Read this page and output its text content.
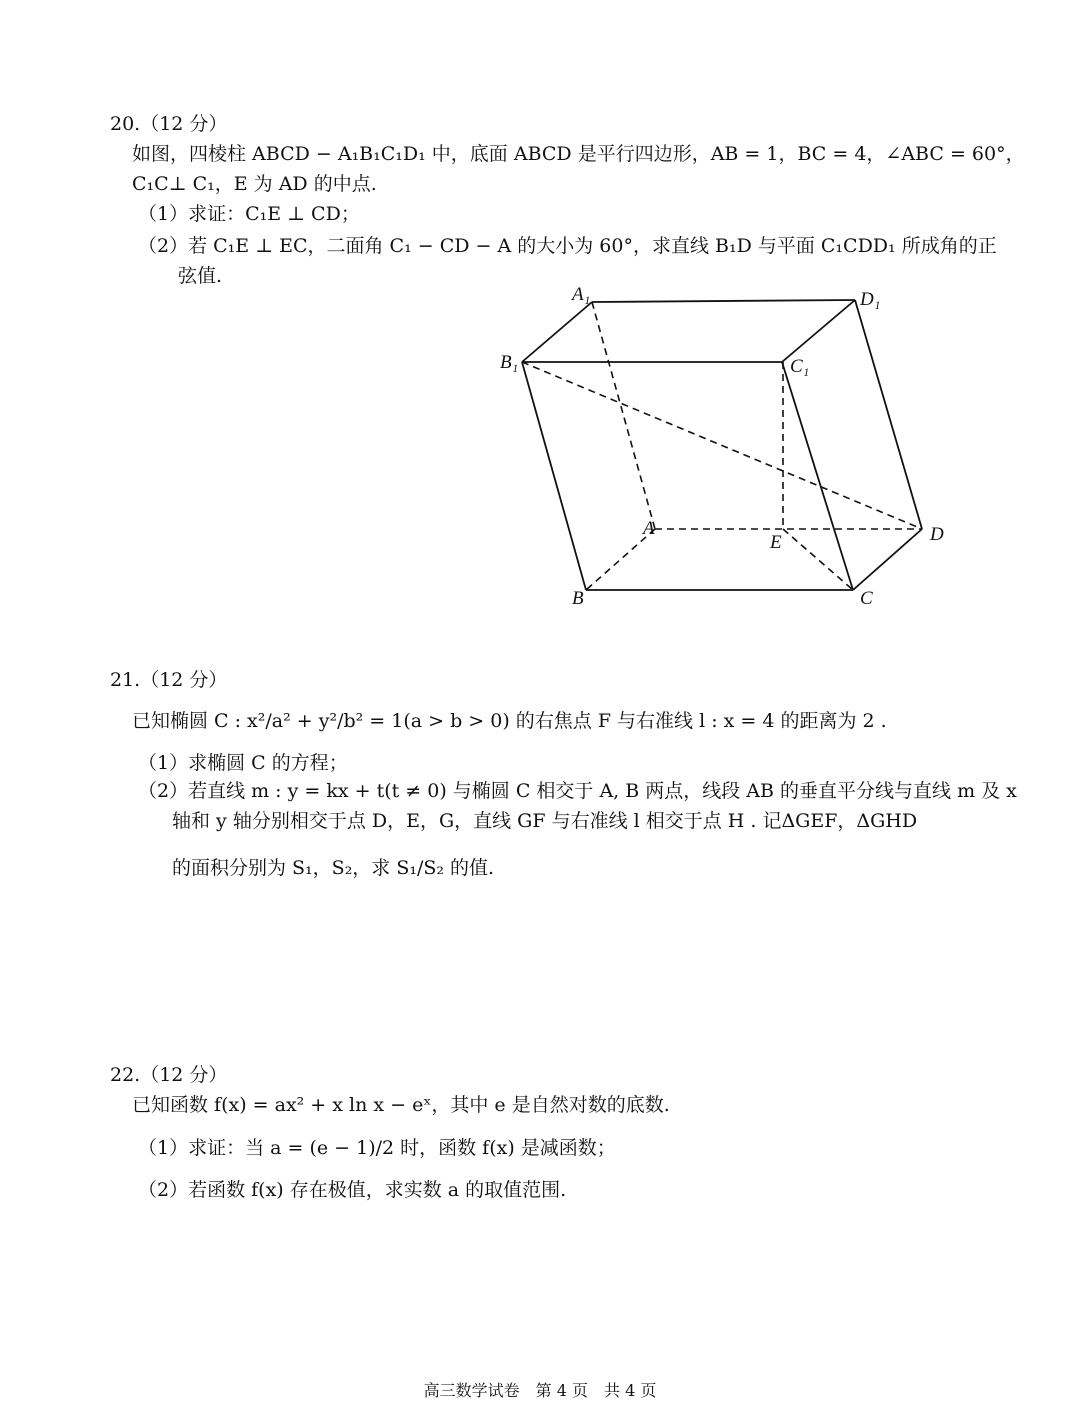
20.（12 分）
如图，四棱柱 ABCD − A₁B₁C₁D₁ 中，底面 ABCD 是平行四边形，AB = 1，BC = 4，∠ABC = 60°，
C₁C⊥ C₁，E 为 AD 的中点.
（1）求证：C₁E ⊥ CD；
（2）若 C₁E ⊥ EC，二面角 C₁ − CD − A 的大小为 60°，求直线 B₁D 与平面 C₁CDD₁ 所成角的正
弦值.
A₁	D₁
B₁	C₁
A	D
E
B	C
21.（12 分）
已知椭圆 C : x²/a² + y²/b² = 1(a > b > 0) 的右焦点 F 与右准线 l : x = 4 的距离为 2 .
（1）求椭圆 C 的方程；
（2）若直线 m : y = kx + t(t ≠ 0) 与椭圆 C 相交于 A, B 两点，线段 AB 的垂直平分线与直线 m 及 x
轴和 y 轴分别相交于点 D，E，G，直线 GF 与右准线 l 相交于点 H . 记ΔGEF，ΔGHD
的面积分别为 S₁，S₂，求 S₁/S₂ 的值.
22.（12 分）
已知函数 f(x) = ax² + x ln x − eˣ，其中 e 是自然对数的底数.
（1）求证：当 a = (e − 1)/2 时，函数 f(x) 是减函数；
（2）若函数 f(x) 存在极值，求实数 a 的取值范围.
高三数学试卷　第 4 页　共 4 页
